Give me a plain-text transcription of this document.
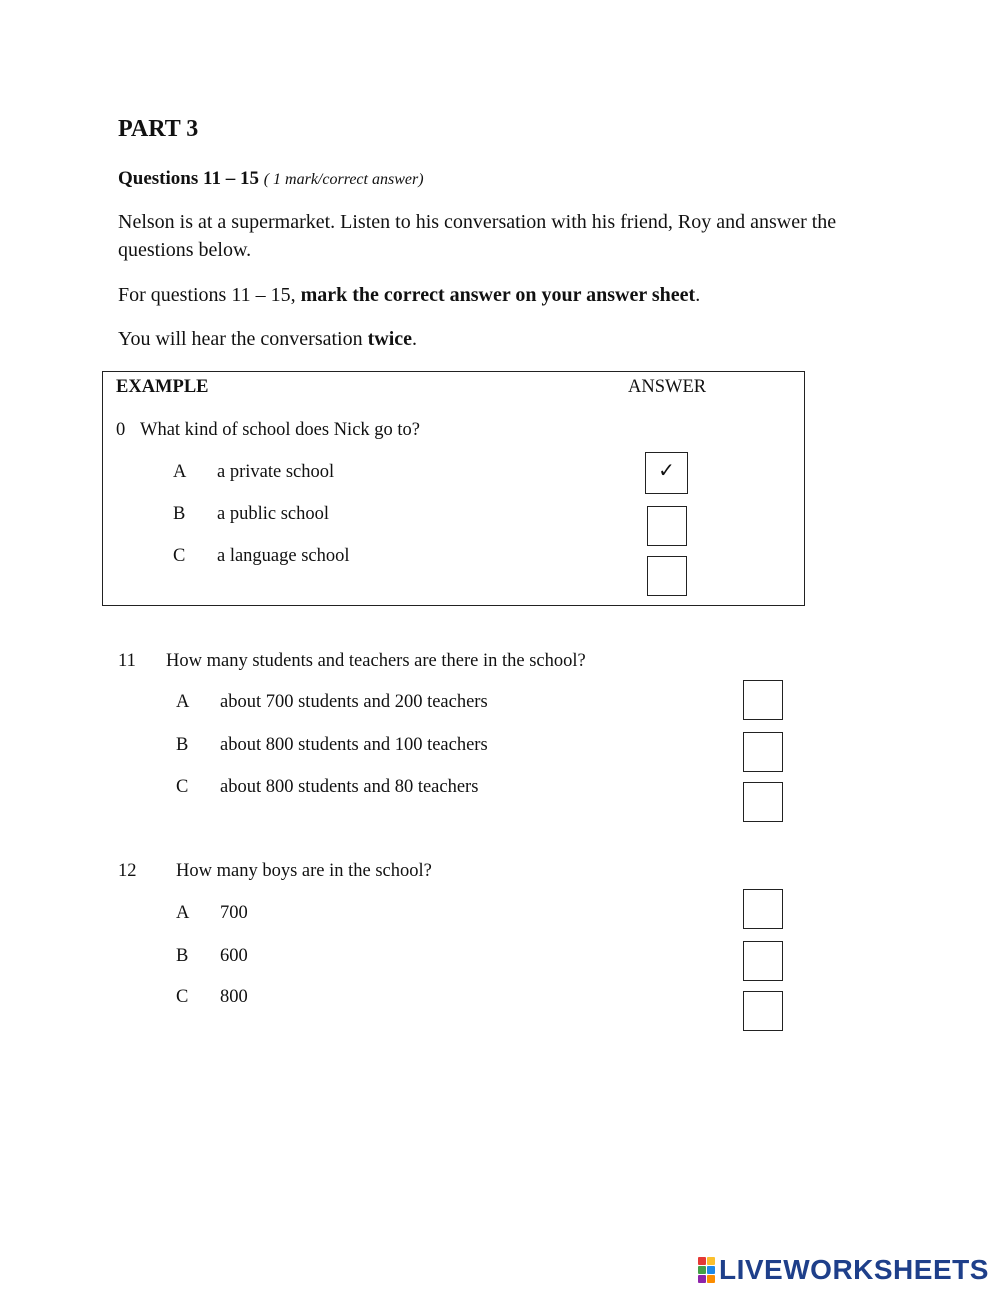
PART 3
Questions 11 – 15 ( 1 mark/correct answer)
Nelson is at a supermarket. Listen to his conversation with his friend, Roy and answer the questions below.
For questions 11 – 15, mark the correct answer on your answer sheet.
You will hear the conversation twice.
EXAMPLE	ANSWER
0 What kind of school does Nick go to?
A a private school	✓
B a public school
C a language school
11 How many students and teachers are there in the school?
A about 700 students and 200 teachers
B about 800 students and 100 teachers
C about 800 students and 80 teachers
12 How many boys are in the school?
A 700
B 600
C 800
LIVEWORKSHEETS
